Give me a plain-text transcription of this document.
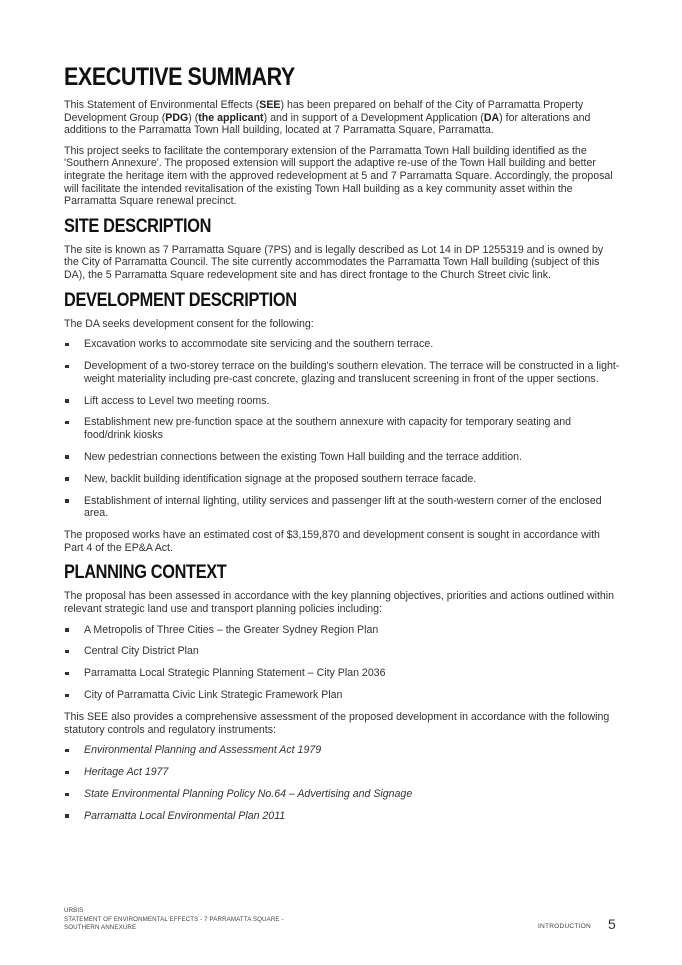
EXECUTIVE SUMMARY

This Statement of Environmental Effects (SEE) has been prepared on behalf of the City of Parramatta Property Development Group (PDG) (the applicant) and in support of a Development Application (DA) for alterations and additions to the Parramatta Town Hall building, located at 7 Parramatta Square, Parramatta.

This project seeks to facilitate the contemporary extension of the Parramatta Town Hall building identified as the 'Southern Annexure'. The proposed extension will support the adaptive re-use of the Town Hall building and better integrate the heritage item with the approved redevelopment at 5 and 7 Parramatta Square. Accordingly, the proposal will facilitate the intended revitalisation of the existing Town Hall building as a key community asset within the Parramatta Square renewal precinct.

SITE DESCRIPTION

The site is known as 7 Parramatta Square (7PS) and is legally described as Lot 14 in DP 1255319 and is owned by the City of Parramatta Council. The site currently accommodates the Parramatta Town Hall building (subject of this DA), the 5 Parramatta Square redevelopment site and has direct frontage to the Church Street civic link.

DEVELOPMENT DESCRIPTION

The DA seeks development consent for the following:

Excavation works to accommodate site servicing and the southern terrace.
Development of a two-storey terrace on the building's southern elevation. The terrace will be constructed in a light-weight materiality including pre-cast concrete, glazing and translucent screening in front of the upper sections.
Lift access to Level two meeting rooms.
Establishment new pre-function space at the southern annexure with capacity for temporary seating and food/drink kiosks
New pedestrian connections between the existing Town Hall building and the terrace addition.
New, backlit building identification signage at the proposed southern terrace facade.
Establishment of internal lighting, utility services and passenger lift at the south-western corner of the enclosed area.

The proposed works have an estimated cost of $3,159,870 and development consent is sought in accordance with Part 4 of the EP&A Act.

PLANNING CONTEXT

The proposal has been assessed in accordance with the key planning objectives, priorities and actions outlined within relevant strategic land use and transport planning policies including:

A Metropolis of Three Cities – the Greater Sydney Region Plan
Central City District Plan
Parramatta Local Strategic Planning Statement – City Plan 2036
City of Parramatta Civic Link Strategic Framework Plan

This SEE also provides a comprehensive assessment of the proposed development in accordance with the following statutory controls and regulatory instruments:

Environmental Planning and Assessment Act 1979
Heritage Act 1977
State Environmental Planning Policy No.64 – Advertising and Signage
Parramatta Local Environmental Plan 2011
URBIS
STATEMENT OF ENVIRONMENTAL EFFECTS - 7 PARRAMATTA SQUARE -
SOUTHERN ANNEXURE	INTRODUCTION 5
